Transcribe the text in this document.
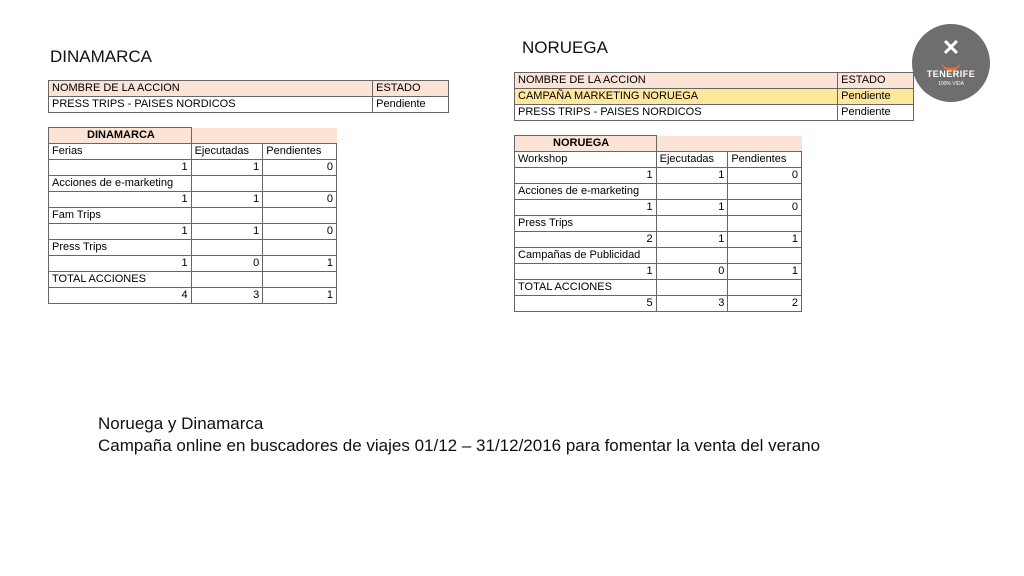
DINAMARCA
NOMBRE DE LA ACCION	ESTADO
PRESS TRIPS - PAISES NORDICOS	Pendiente
DINAMARCA		
Ferias	Ejecutadas	Pendientes
1	1	0
Acciones de e-marketing		
1	1	0
Fam Trips		
1	1	0
Press Trips		
1	0	1
TOTAL ACCIONES		
4	3	1
NORUEGA
NOMBRE DE LA ACCION	ESTADO
CAMPAÑA MARKETING NORUEGA	Pendiente
PRESS TRIPS - PAISES NORDICOS	Pendiente
NORUEGA		
Workshop	Ejecutadas	Pendientes
1	1	0
Acciones de e-marketing		
1	1	0
Press Trips		
2	1	1
Campañas de Publicidad		
1	0	1
TOTAL ACCIONES		
5	3	2
✕
TENERIFE
100% VIDA
Noruega y Dinamarca
Campaña online en buscadores de viajes 01/12 – 31/12/2016 para fomentar la venta del verano
